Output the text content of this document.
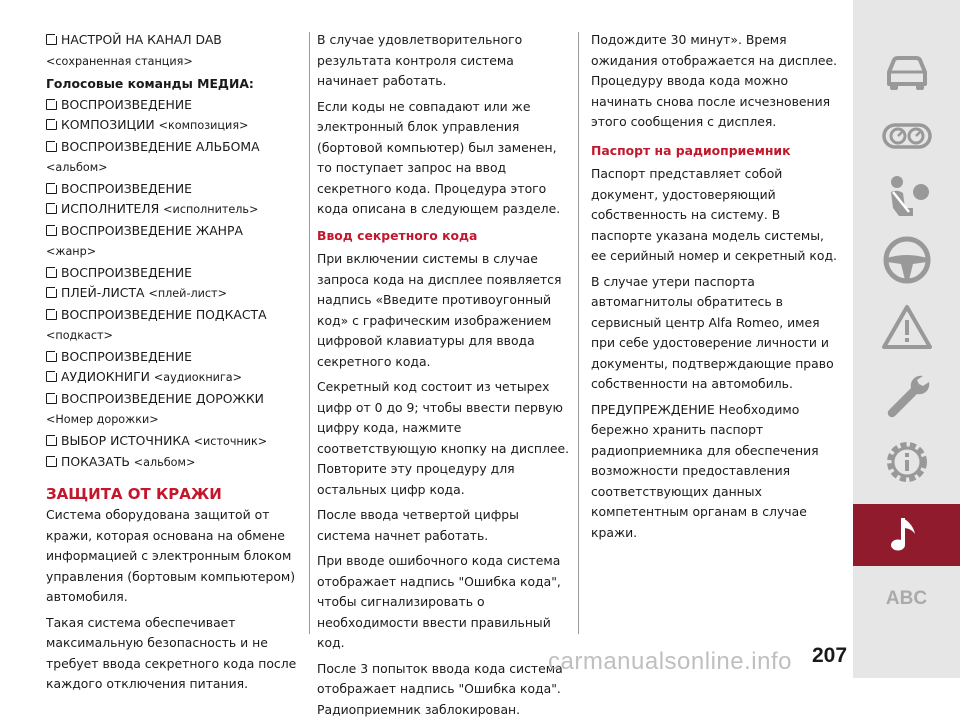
НАСТРОЙ НА КАНАЛ DAB
<сохраненная станция>
Голосовые команды МЕДИА:
ВОСПРОИЗВЕДЕНИЕ
КОМПОЗИЦИИ <композиция>
ВОСПРОИЗВЕДЕНИЕ АЛЬБОМА
<альбом>
ВОСПРОИЗВЕДЕНИЕ
ИСПОЛНИТЕЛЯ <исполнитель>
ВОСПРОИЗВЕДЕНИЕ ЖАНРА
<жанр>
ВОСПРОИЗВЕДЕНИЕ
ПЛЕЙ-ЛИСТА <плей-лист>
ВОСПРОИЗВЕДЕНИЕ ПОДКАСТА
<подкаст>
ВОСПРОИЗВЕДЕНИЕ
АУДИОКНИГИ <аудиокнига>
ВОСПРОИЗВЕДЕНИЕ ДОРОЖКИ
<Номер дорожки>
ВЫБОР ИСТОЧНИКА <источник>
ПОКАЗАТЬ <альбом>
ЗАЩИТА ОТ КРАЖИ

Система оборудована защитой от кражи, которая основана на обмене информацией с электронным блоком управления (бортовым компьютером) автомобиля.

Такая система обеспечивает максимальную безопасность и не требует ввода секретного кода после каждого отключения питания.

В случае удовлетворительного результата контроля система начинает работать.

Если коды не совпадают или же электронный блок управления (бортовой компьютер) был заменен, то поступает запрос на ввод секретного кода. Процедура этого кода описана в следующем разделе.

Ввод секретного кода

При включении системы в случае запроса кода на дисплее появляется надпись «Введите противоугонный код» с графическим изображением цифровой клавиатуры для ввода секретного кода.

Секретный код состоит из четырех цифр от 0 до 9; чтобы ввести первую цифру кода, нажмите соответствующую кнопку на дисплее. Повторите эту процедуру для остальных цифр кода.

После ввода четвертой цифры система начнет работать.

При вводе ошибочного кода система отображает надпись "Ошибка кода", чтобы сигнализировать о необходимости ввести правильный код.

После 3 попыток ввода кода система отображает надпись "Ошибка кода". Радиоприемник заблокирован.

Подождите 30 минут». Время ожидания отображается на дисплее. Процедуру ввода кода можно начинать снова после исчезновения этого сообщения с дисплея.

Паспорт на радиоприемник

Паспорт представляет собой документ, удостоверяющий собственность на систему. В паспорте указана модель системы, ее серийный номер и секретный код.

В случае утери паспорта автомагнитолы обратитесь в сервисный центр Alfa Romeo, имея при себе удостоверение личности и документы, подтверждающие право собственности на автомобиль.

ПРЕДУПРЕЖДЕНИЕ Необходимо бережно хранить паспорт радиоприемника для обеспечения возможности предоставления соответствующих данных компетентным органам в случае кражи.

ABC
carmanualsonline.info 207
